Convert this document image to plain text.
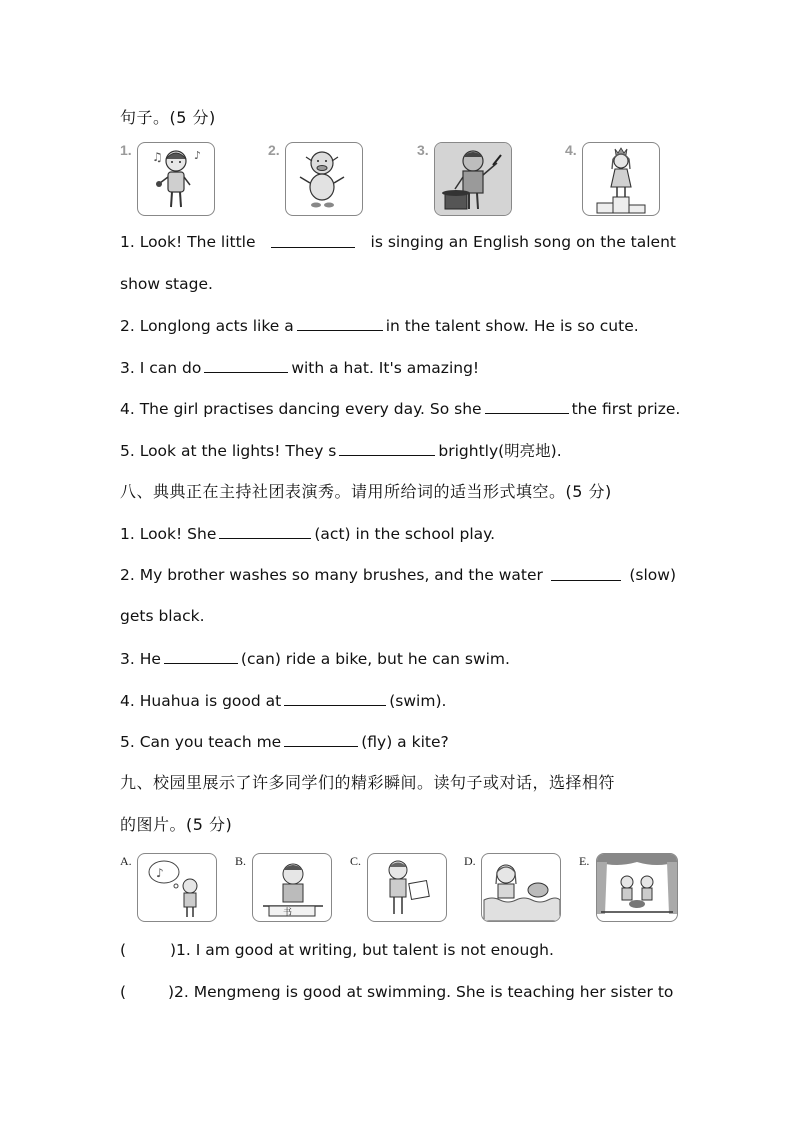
句子。(5 分)
1. ♫	♪	2.	3.	4.
1. Look! The little	is singing an English song on the talent
show stage.
2. Longlong acts like a	in the talent show. He is so cute.
3. I can do	with a hat. It's amazing!
4. The girl practises dancing every day. So she	the first prize.
5. Look at the lights! They s	brightly(明亮地).
八、典典正在主持社团表演秀。请用所给词的适当形式填空。(5 分)
1. Look! She	(act) in the school play.
2. My brother washes so many brushes, and the water	(slow)
gets black.
3. He	(can) ride a bike, but he can swim.
4. Huahua is good at	(swim).
5. Can you teach me	(fly) a kite?
九、校园里展示了许多同学们的精彩瞬间。读句子或对话，选择相符
的图片。(5 分)
A.
♪
B.
书
C.	D.	E.
(	)1. I am good at writing, but talent is not enough.
(	)2. Mengmeng is good at swimming. She is teaching her sister to
